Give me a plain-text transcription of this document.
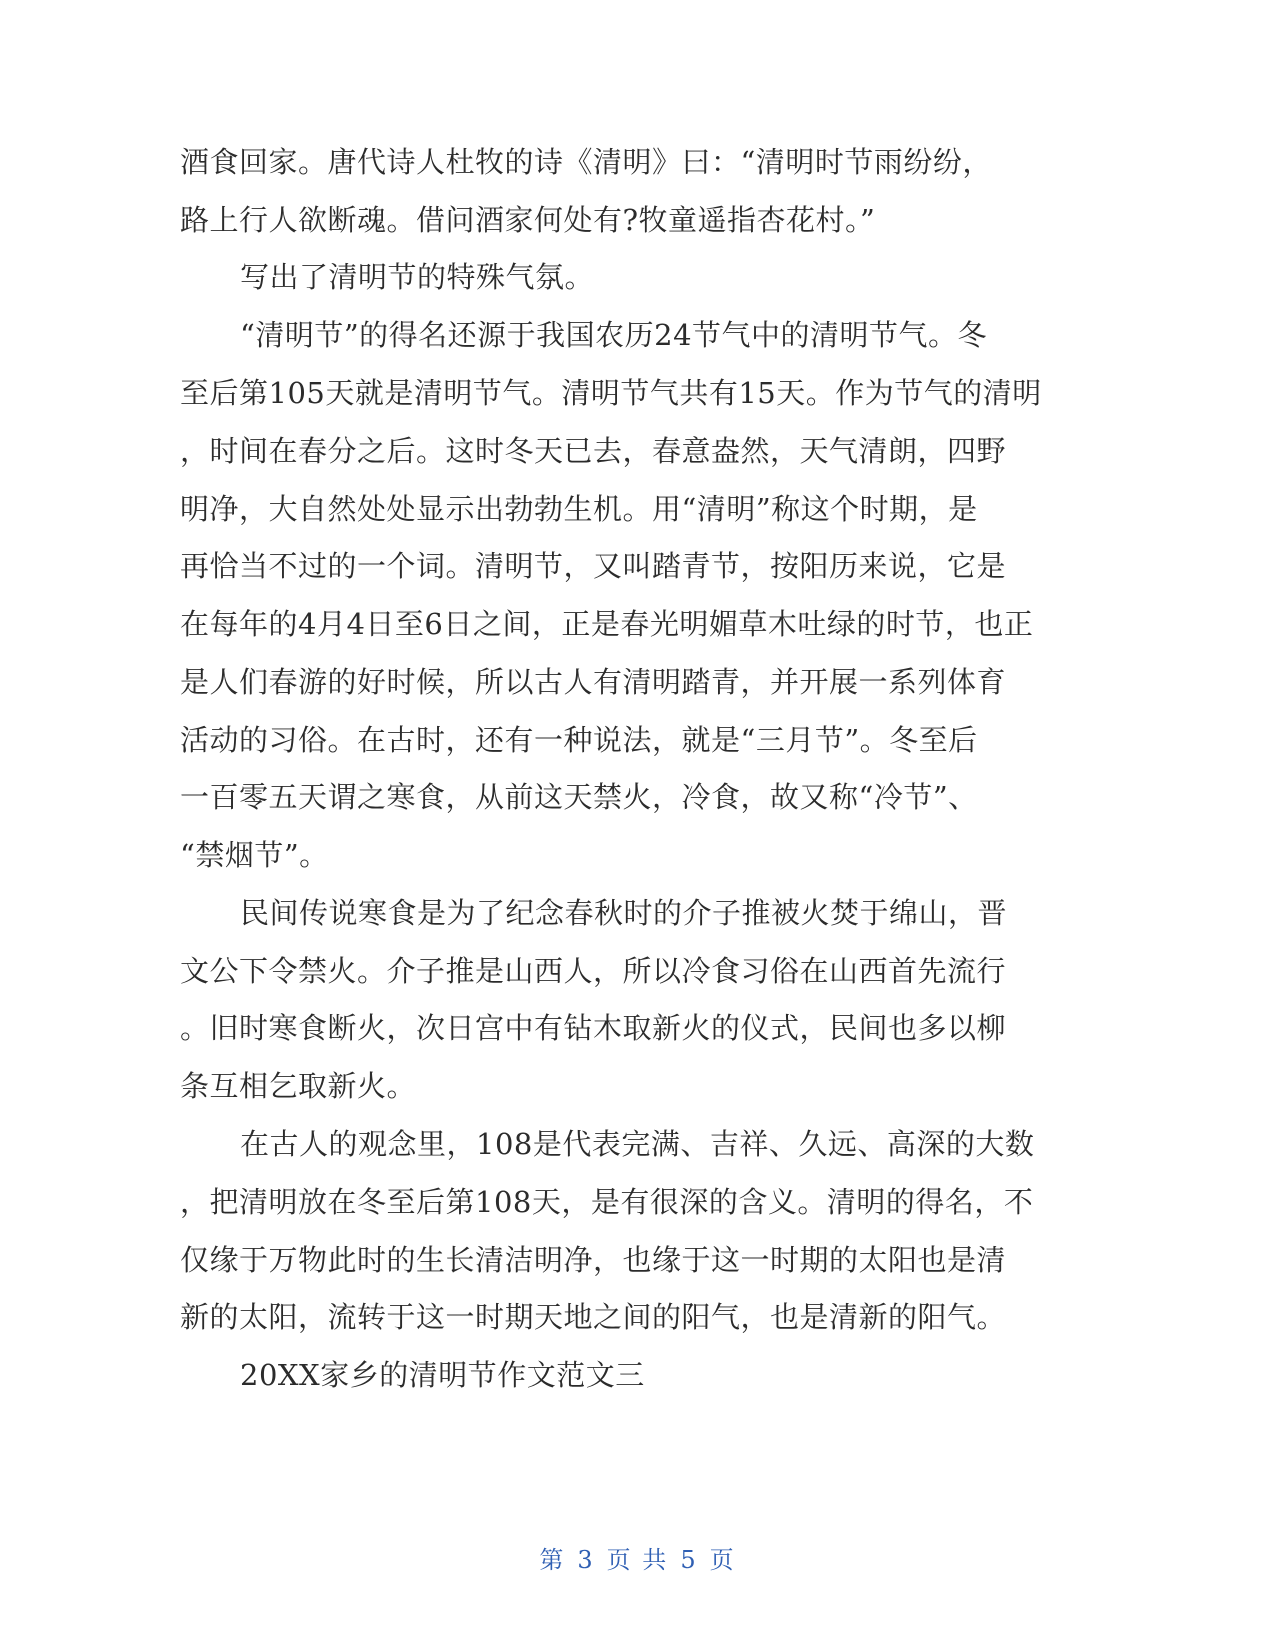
酒食回家。唐代诗人杜牧的诗《清明》曰：“清明时节雨纷纷，
路上行人欲断魂。借问酒家何处有?牧童遥指杏花村。”
写出了清明节的特殊气氛。
“清明节”的得名还源于我国农历24节气中的清明节气。冬
至后第105天就是清明节气。清明节气共有15天。作为节气的清明
，时间在春分之后。这时冬天已去，春意盎然，天气清朗，四野
明净，大自然处处显示出勃勃生机。用“清明”称这个时期，是
再恰当不过的一个词。清明节，又叫踏青节，按阳历来说，它是
在每年的4月4日至6日之间，正是春光明媚草木吐绿的时节，也正
是人们春游的好时候，所以古人有清明踏青，并开展一系列体育
活动的习俗。在古时，还有一种说法，就是“三月节”。冬至后
一百零五天谓之寒食，从前这天禁火，冷食，故又称“冷节”、
“禁烟节”。
民间传说寒食是为了纪念春秋时的介子推被火焚于绵山，晋
文公下令禁火。介子推是山西人，所以冷食习俗在山西首先流行
。旧时寒食断火，次日宫中有钻木取新火的仪式，民间也多以柳
条互相乞取新火。
在古人的观念里，108是代表完满、吉祥、久远、高深的大数
，把清明放在冬至后第108天，是有很深的含义。清明的得名，不
仅缘于万物此时的生长清洁明净，也缘于这一时期的太阳也是清
新的太阳，流转于这一时期天地之间的阳气，也是清新的阳气。
20XX家乡的清明节作文范文三
第 3 页 共 5 页
